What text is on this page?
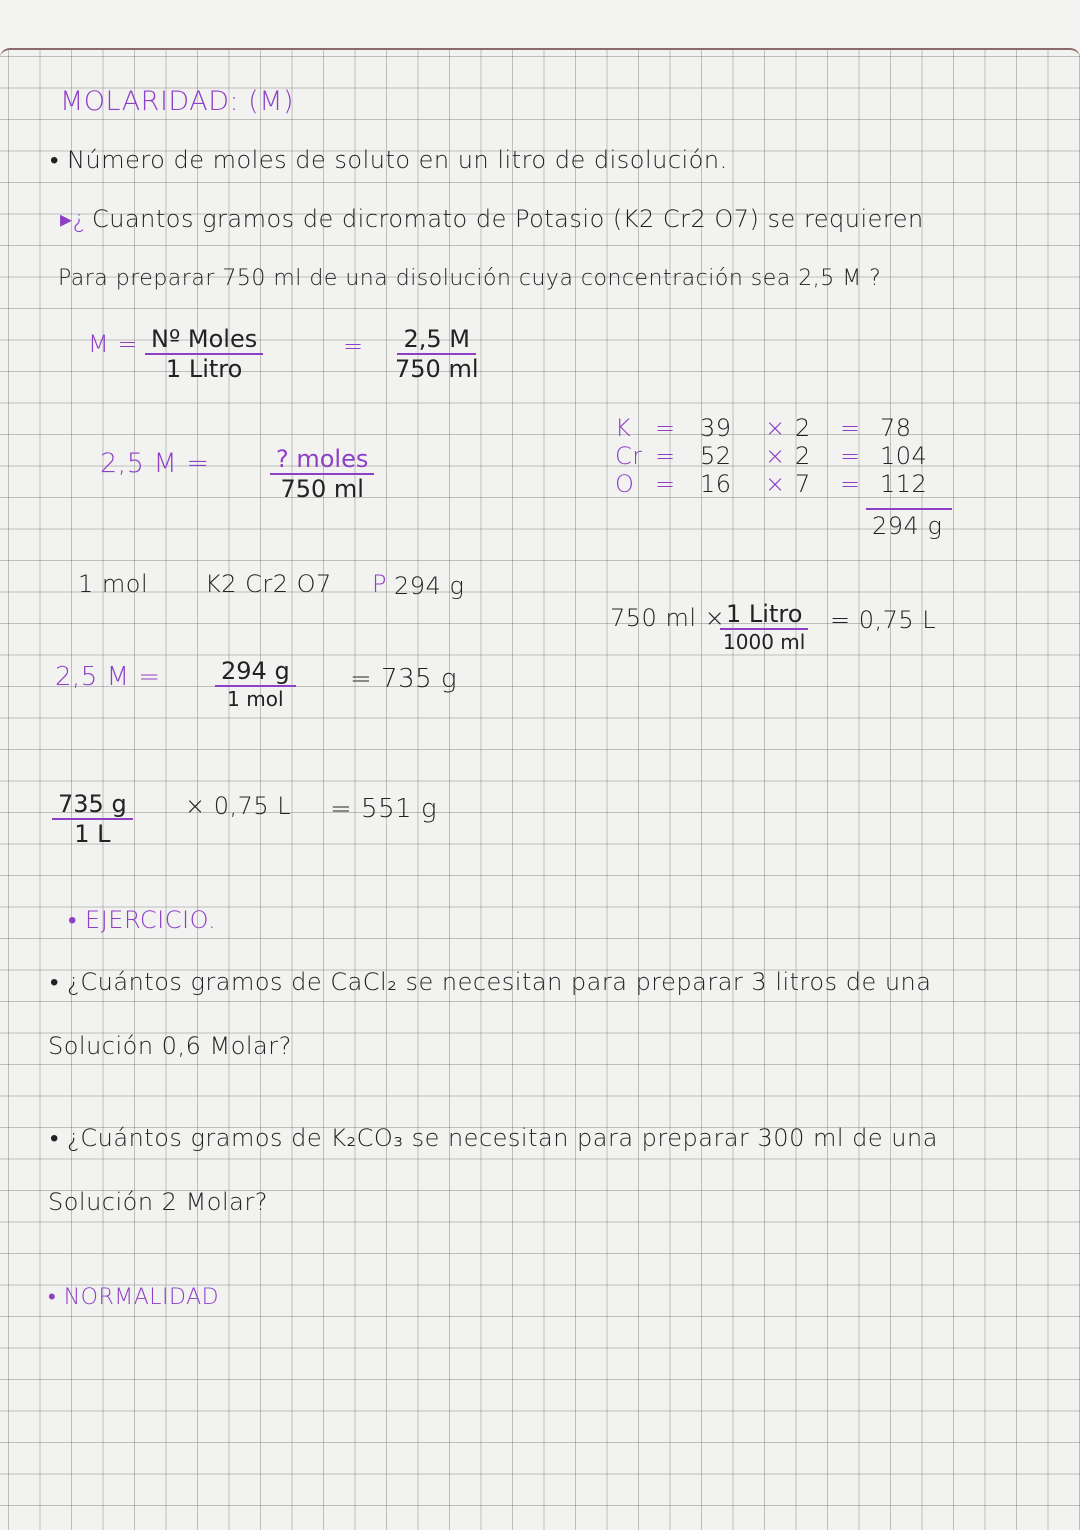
MOLARIDAD: (M)
• Número de moles de soluto en un litro de disolución.
▸¿ Cuantos gramos de dicromato de Potasio (K2 Cr2 O7) se requieren
Para preparar 750 ml de una disolución cuya concentración sea 2,5 M ?
M = Nº Moles
1 Litro
= $\frac{2,5 M}{750 ml}$
2,5 M =	? moles
750 ml
K = 39 × 2 = 78
Cr = 52 × 2 = 104
O = 16 × 7 = 112
294 g
1 mol K2 Cr2 O7 P 294 g
750 ml × 1 Litro
1000 ml
= 0,75 L
2,5 M =	294 g
1 mol
= 735 g
$\frac{735 g}{1 L} \times 0,75$ L = 551 g
• EJERCICIO.
• ¿Cuántos gramos de CaCl₂ se necesitan para preparar 3 litros de una
Solución 0,6 Molar?
• ¿Cuántos gramos de K₂CO₃ se necesitan para preparar 300 ml de una
Solución 2 Molar?
• NORMALIDAD
